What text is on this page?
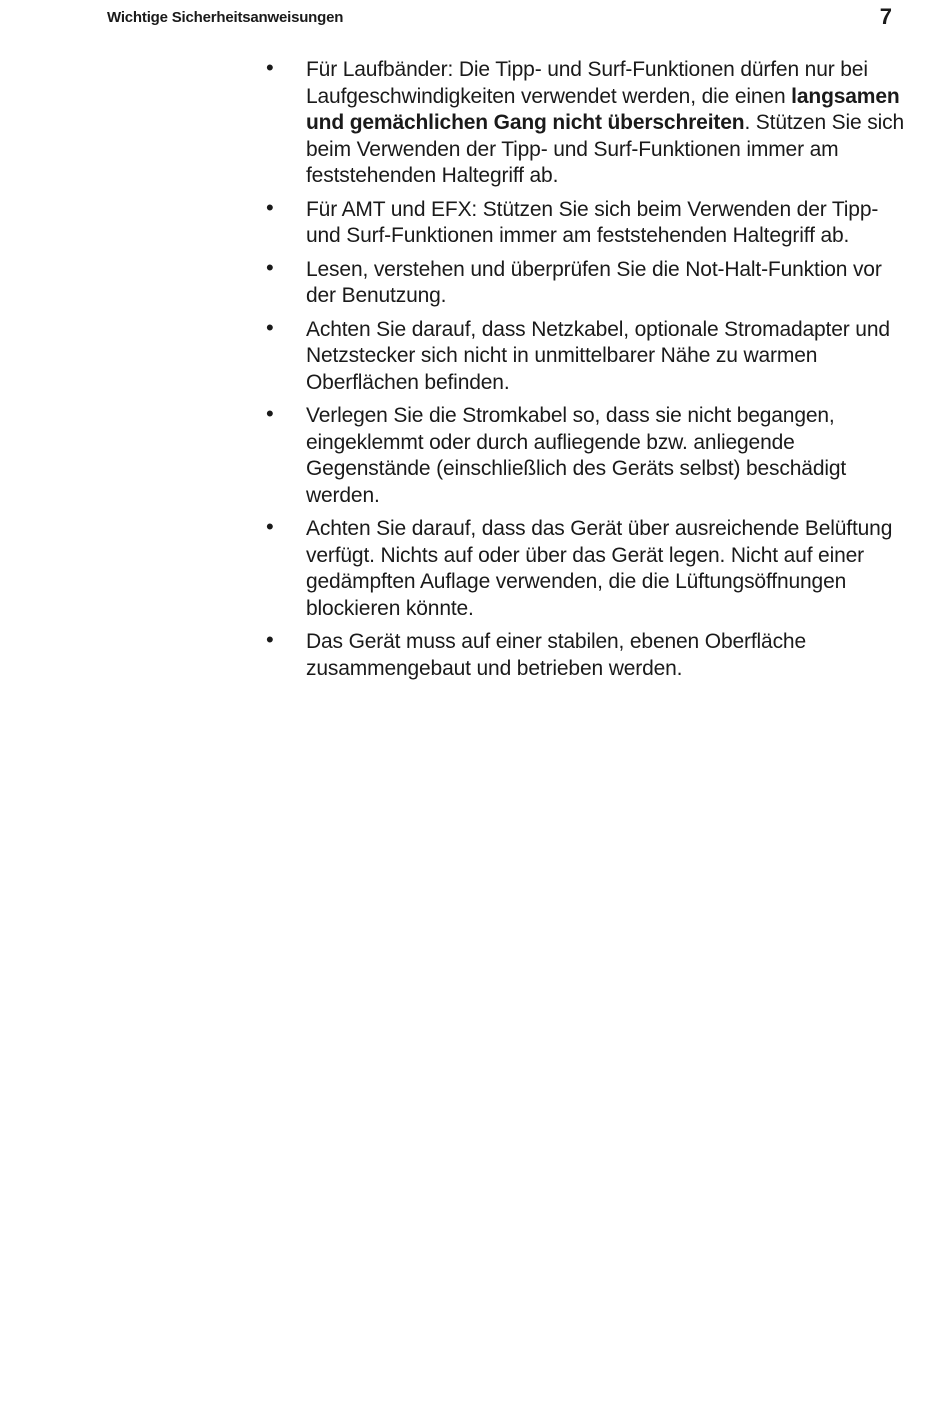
Wichtige Sicherheitsanweisungen	7
• Für Laufbänder: Die Tipp- und Surf-Funktionen dürfen nur bei Laufgeschwindigkeiten verwendet werden, die einen langsamen und gemächlichen Gang nicht überschreiten. Stützen Sie sich beim Verwenden der Tipp- und Surf-Funktionen immer am feststehenden Haltegriff ab.
• Für AMT und EFX: Stützen Sie sich beim Verwenden der Tipp- und Surf-Funktionen immer am feststehenden Haltegriff ab.
• Lesen, verstehen und überprüfen Sie die Not-Halt-Funktion vor der Benutzung.
• Achten Sie darauf, dass Netzkabel, optionale Stromadapter und Netzstecker sich nicht in unmittelbarer Nähe zu warmen Oberflächen befinden.
• Verlegen Sie die Stromkabel so, dass sie nicht begangen, eingeklemmt oder durch aufliegende bzw. anliegende Gegenstände (einschließlich des Geräts selbst) beschädigt werden.
• Achten Sie darauf, dass das Gerät über ausreichende Belüftung verfügt. Nichts auf oder über das Gerät legen. Nicht auf einer gedämpften Auflage verwenden, die die Lüftungsöffnungen blockieren könnte.
• Das Gerät muss auf einer stabilen, ebenen Oberfläche zusammengebaut und betrieben werden.
